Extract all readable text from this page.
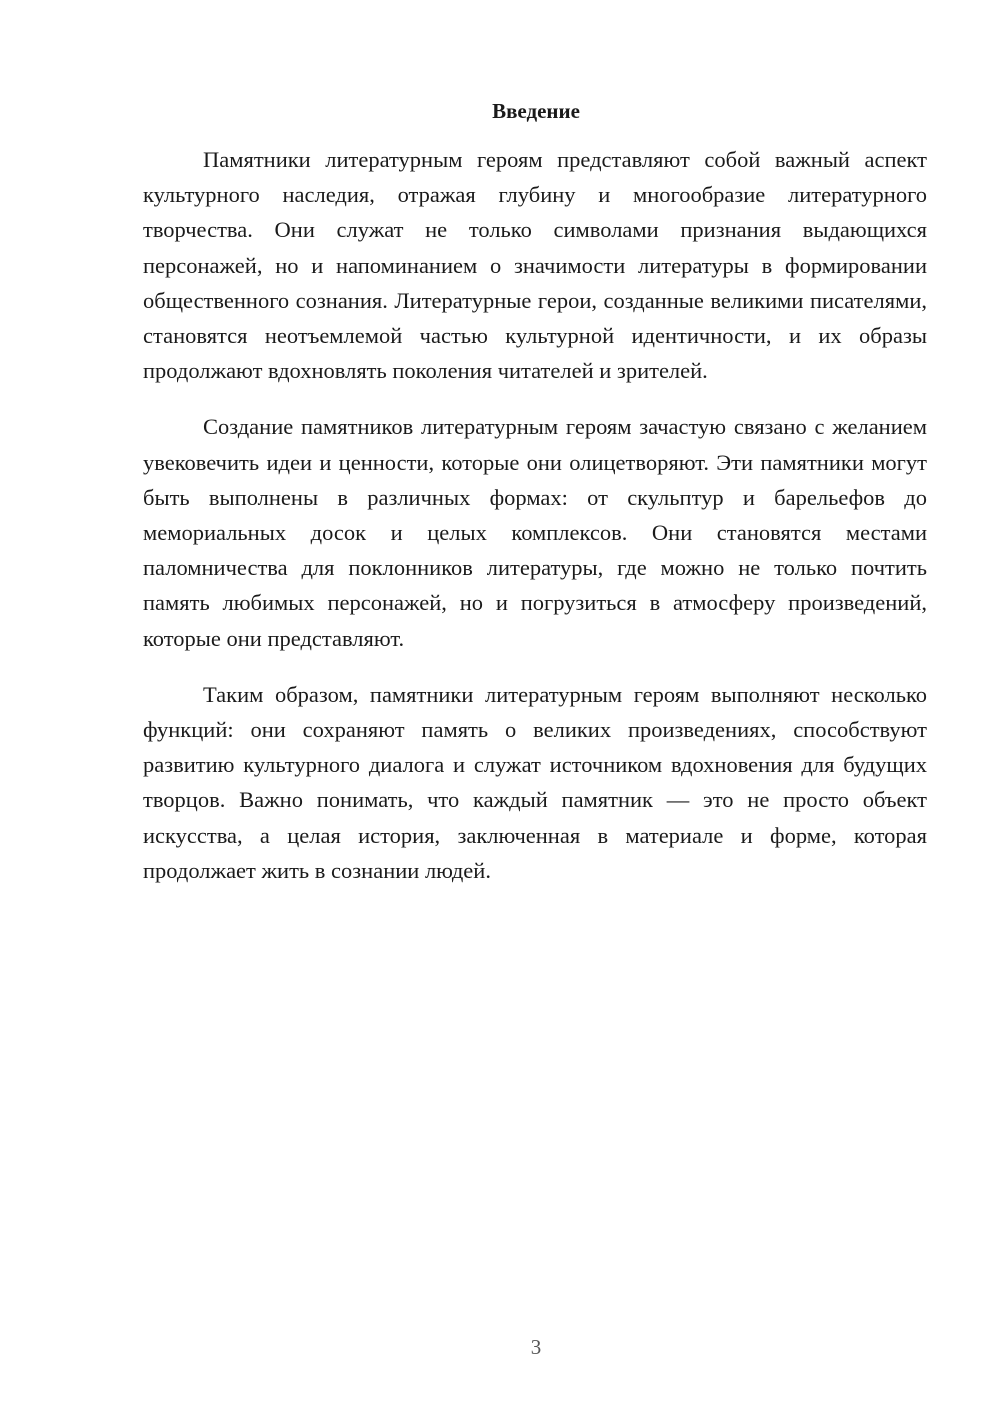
Введение

Памятники литературным героям представляют собой важный аспект культурного наследия, отражая глубину и многообразие литературного творчества. Они служат не только символами признания выдающихся персонажей, но и напоминанием о значимости литературы в формировании общественного сознания. Литературные герои, созданные великими писателями, становятся неотъемлемой частью культурной идентичности, и их образы продолжают вдохновлять поколения читателей и зрителей.

Создание памятников литературным героям зачастую связано с желанием увековечить идеи и ценности, которые они олицетворяют. Эти памятники могут быть выполнены в различных формах: от скульптур и барельефов до мемориальных досок и целых комплексов. Они становятся местами паломничества для поклонников литературы, где можно не только почтить память любимых персонажей, но и погрузиться в атмосферу произведений, которые они представляют.

Таким образом, памятники литературным героям выполняют несколько функций: они сохраняют память о великих произведениях, способствуют развитию культурного диалога и служат источником вдохновения для будущих творцов. Важно понимать, что каждый памятник — это не просто объект искусства, а целая история, заключенная в материале и форме, которая продолжает жить в сознании людей.

3
